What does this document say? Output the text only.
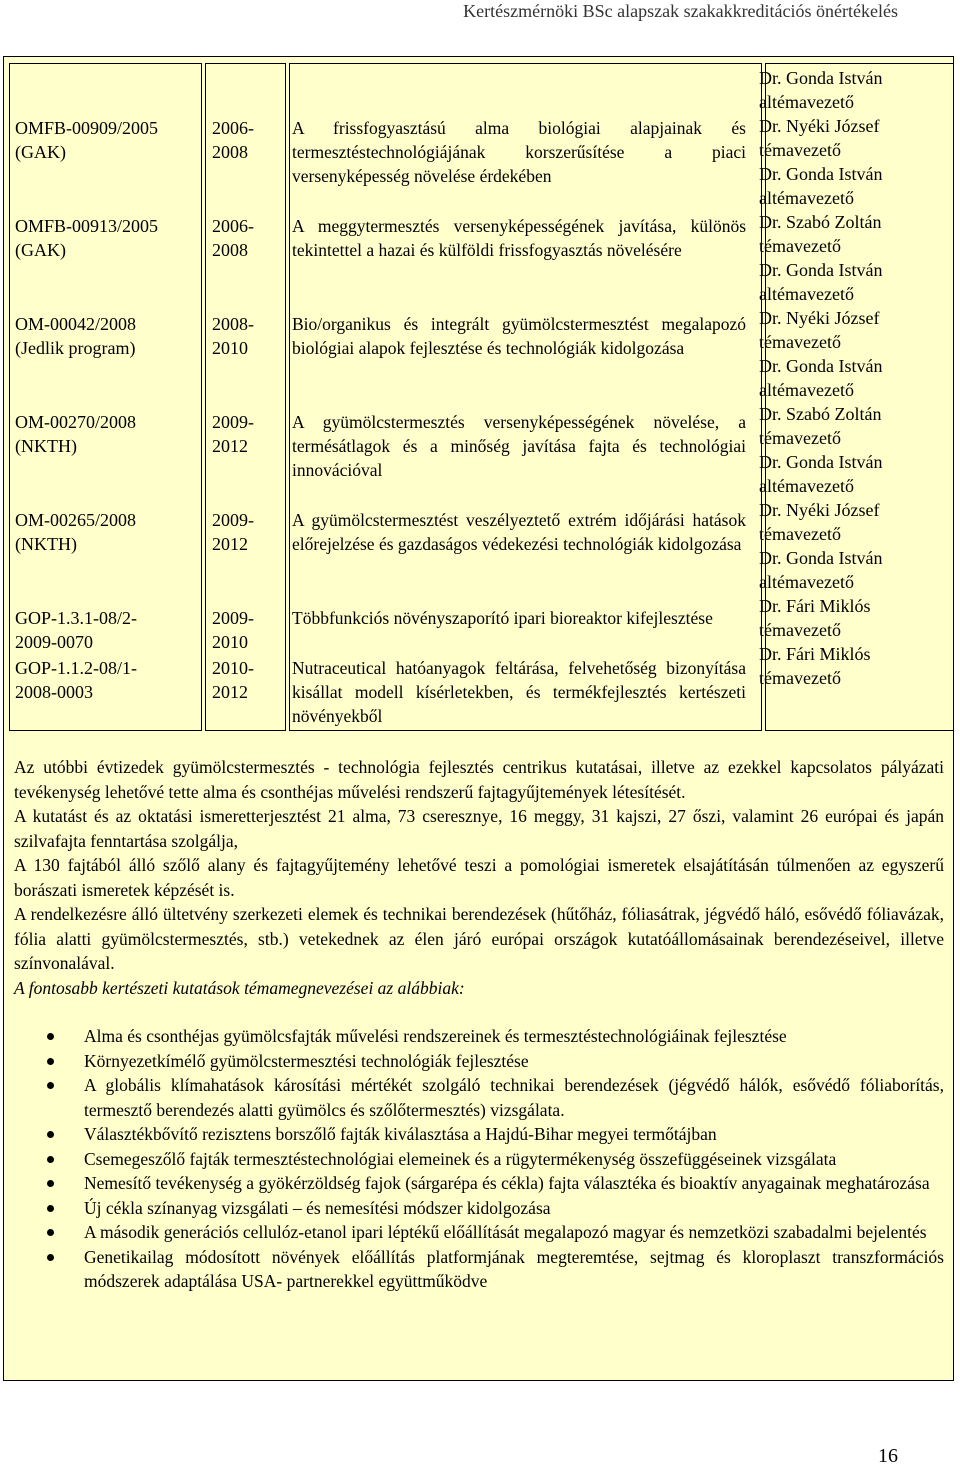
Kertészmérnöki BSc alapszak szakakkreditációs önértékelés
OMFB-00909/2005
(GAK)
OMFB-00913/2005
(GAK)
OM-00042/2008
(Jedlik program)
OM-00270/2008
(NKTH)
OM-00265/2008
(NKTH)
GOP-1.3.1-08/2-
2009-0070
GOP-1.1.2-08/1-
2008-0003
2006-
2008
2006-
2008
2008-
2010
2009-
2012
2009-
2012
2009-
2010
2010-
2012
A frissfogyasztású alma biológiai alapjainak és termesztéstechnológiájának korszerűsítése a piaci versenyképesség növelése érdekében
A meggytermesztés versenyképességének javítása, különös tekintettel a hazai és külföldi frissfogyasztás növelésére
Bio/organikus és integrált gyümölcstermesztést megalapozó biológiai alapok fejlesztése és technológiák kidolgozása
A gyümölcstermesztés versenyképességének növelése, a termésátlagok és a minőség javítása fajta és technológiai innovációval
A gyümölcstermesztést veszélyeztető extrém időjárási hatások előrejelzése és gazdaságos védekezési technológiák kidolgozása
Többfunkciós növényszaporító ipari bioreaktor kifejlesztése
Nutraceutical hatóanyagok feltárása, felvehetőség bizonyítása kisállat modell kísérletekben, és termékfejlesztés kertészeti növényekből
Dr. Gonda István
altémavezető
Dr. Nyéki József
témavezető
Dr. Gonda István
altémavezető
Dr. Szabó Zoltán
témavezető
Dr. Gonda István
altémavezető
Dr. Nyéki József
témavezető
Dr. Gonda István
altémavezető
Dr. Szabó Zoltán
témavezető
Dr. Gonda István
altémavezető
Dr. Nyéki József
témavezető
Dr. Gonda István
altémavezető
Dr. Fári Miklós
témavezető
Dr. Fári Miklós
témavezető

Az utóbbi évtizedek gyümölcstermesztés - technológia fejlesztés centrikus kutatásai, illetve az ezekkel kapcsolatos pályázati tevékenység lehetővé tette alma és csonthéjas művelési rendszerű fajtagyűjtemények létesítését.

A kutatást és az oktatási ismeretterjesztést 21 alma, 73 cseresznye, 16 meggy, 31 kajszi, 27 őszi, valamint 26 európai és japán szilvafajta fenntartása szolgálja,

A 130 fajtából álló szőlő alany és fajtagyűjtemény lehetővé teszi a pomológiai ismeretek elsajátításán túlmenően az egyszerű borászati ismeretek képzését is.

A rendelkezésre álló ültetvény szerkezeti elemek és technikai berendezések (hűtőház, fóliasátrak, jégvédő háló, esővédő fóliavázak, fólia alatti gyümölcstermesztés, stb.) vetekednek az élen járó európai országok kutatóállomásainak berendezéseivel, illetve színvonalával.

A fontosabb kertészeti kutatások témamegnevezései az alábbiak:

Alma és csonthéjas gyümölcsfajták művelési rendszereinek és termesztéstechnológiáinak fejlesztése
Környezetkímélő gyümölcstermesztési technológiák fejlesztése
A globális klímahatások károsítási mértékét szolgáló technikai berendezések (jégvédő hálók, esővédő fóliaborítás, termesztő berendezés alatti gyümölcs és szőlőtermesztés) vizsgálata.
Választékbővítő rezisztens borszőlő fajták kiválasztása a Hajdú-Bihar megyei termőtájban
Csemegeszőlő fajták termesztéstechnológiai elemeinek és a rügytermékenység összefüggéseinek vizsgálata
Nemesítő tevékenység a gyökérzöldség fajok (sárgarépa és cékla) fajta választéka és bioaktív anyagainak meghatározása
Új cékla színanyag vizsgálati – és nemesítési módszer kidolgozása
A második generációs cellulóz-etanol ipari léptékű előállítását megalapozó magyar és nemzetközi szabadalmi bejelentés
Genetikailag módosított növények előállítás platformjának megteremtése, sejtmag és kloroplaszt transzformációs módszerek adaptálása USA- partnerekkel együttműködve
16
